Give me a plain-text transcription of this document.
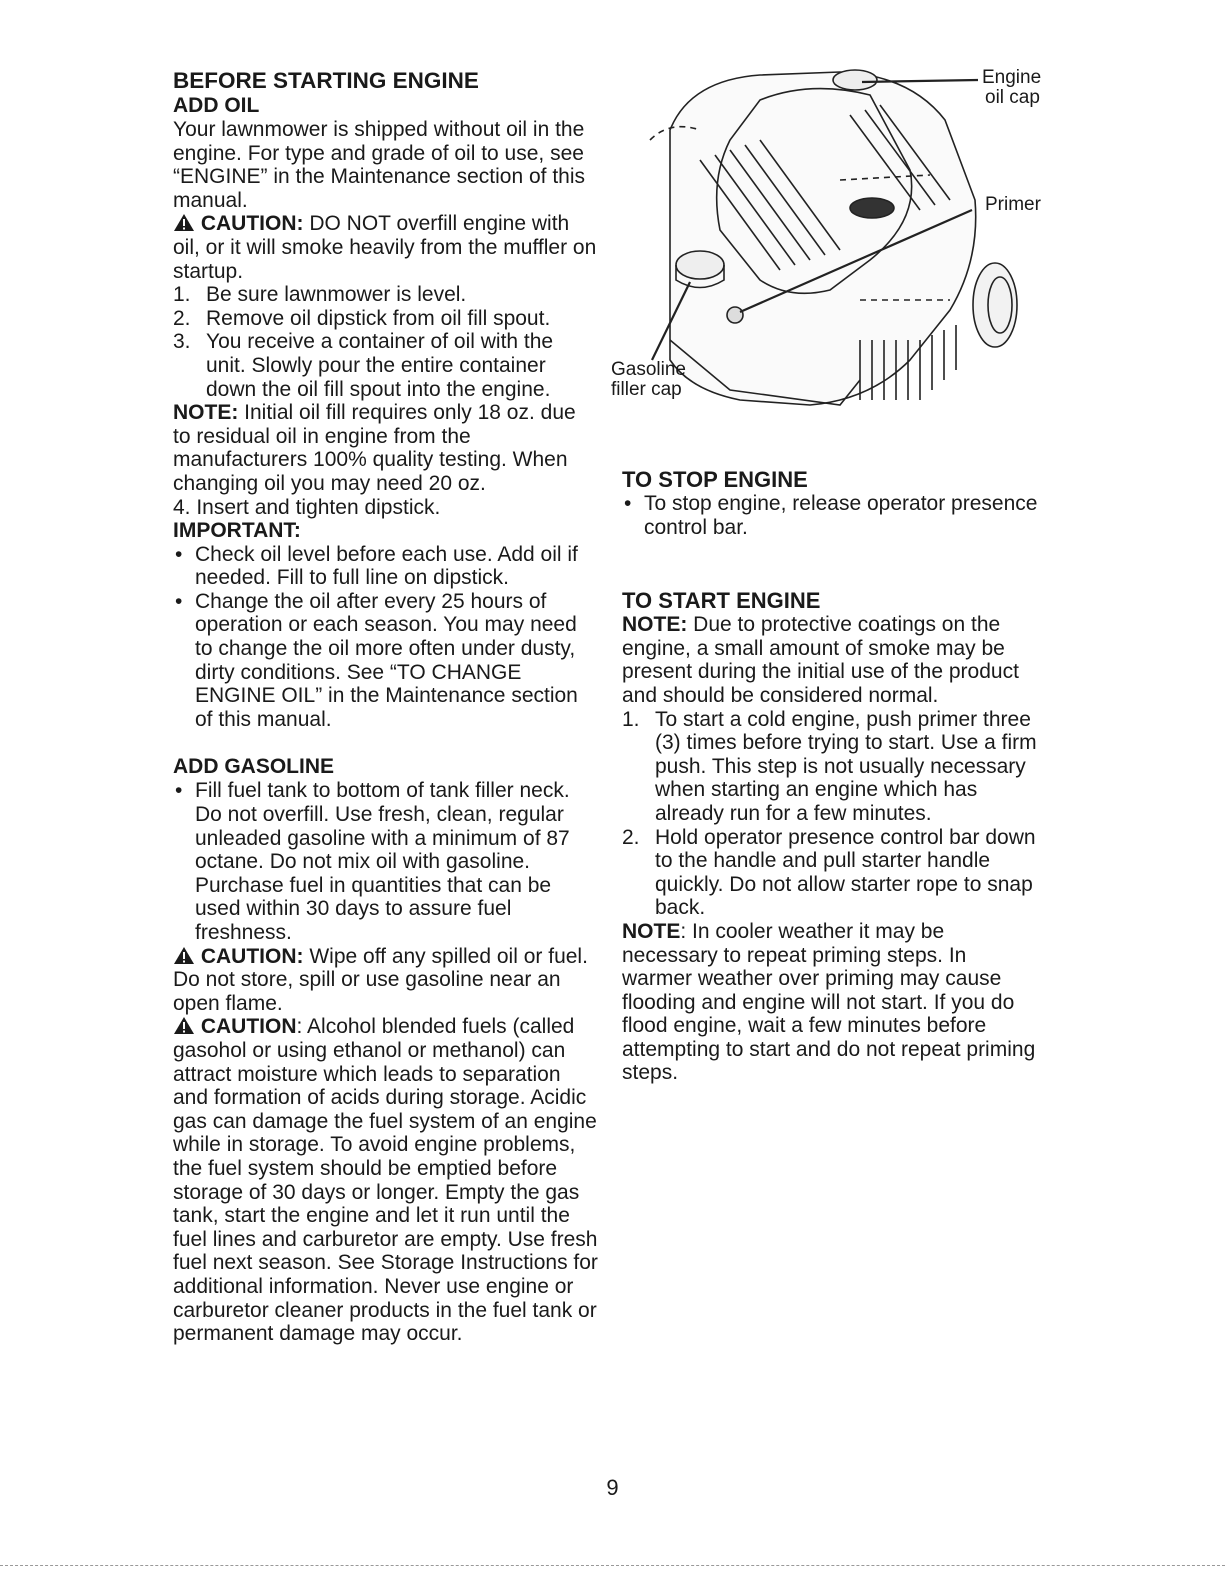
BEFORE STARTING ENGINE
ADD OIL

Your lawnmower is shipped without oil in the engine. For type and grade of oil to use, see “ENGINE” in the Maintenance section of this manual.

CAUTION: DO NOT overfill engine with oil, or it will smoke heavily from the muffler on startup.

1. Be sure lawnmower is level.
2. Remove oil dipstick from oil fill spout.
3. You receive a container of oil with the unit. Slowly pour the entire container down the oil fill spout into the engine.

NOTE: Initial oil fill requires only 18 oz. due to residual oil in engine from the manufacturers 100% quality testing. When changing oil you may need 20 oz.

4. Insert and tighten dipstick.

IMPORTANT:

• Check oil level before each use. Add oil if needed. Fill to full line on dipstick.
• Change the oil after every 25 hours of operation or each season. You may need to change the oil more often under dusty, dirty conditions. See “TO CHANGE ENGINE OIL” in the Maintenance section of this manual.
ADD GASOLINE
• Fill fuel tank to bottom of tank filler neck. Do not overfill. Use fresh, clean, regular unleaded gasoline with a minimum of 87 octane. Do not mix oil with gasoline. Purchase fuel in quantities that can be used within 30 days to assure fuel freshness.

CAUTION: Wipe off any spilled oil or fuel. Do not store, spill or use gasoline near an open flame.

CAUTION: Alcohol blended fuels (called gasohol or using ethanol or methanol) can attract moisture which leads to separation and formation of acids during storage. Acidic gas can damage the fuel system of an engine while in storage. To avoid engine problems, the fuel system should be emptied before storage of 30 days or longer. Empty the gas tank, start the engine and let it run until the fuel lines and carburetor are empty. Use fresh fuel next season. See Storage Instructions for additional information. Never use engine or carburetor cleaner products in the fuel tank or permanent damage may occur.

Engine
oil cap
Primer
Gasoline
filler cap
TO STOP ENGINE
• To stop engine, release operator presence control bar.
TO START ENGINE

NOTE: Due to protective coatings on the engine, a small amount of smoke may be present during the initial use of the product and should be considered normal.

1. To start a cold engine, push primer three (3) times before trying to start. Use a firm push. This step is not usually necessary when starting an engine which has already run for a few minutes.
2. Hold operator presence control bar down to the handle and pull starter handle quickly. Do not allow starter rope to snap back.

NOTE: In cooler weather it may be necessary to repeat priming steps. In warmer weather over priming may cause flooding and engine will not start. If you do flood engine, wait a few minutes before attempting to start and do not repeat priming steps.

9
